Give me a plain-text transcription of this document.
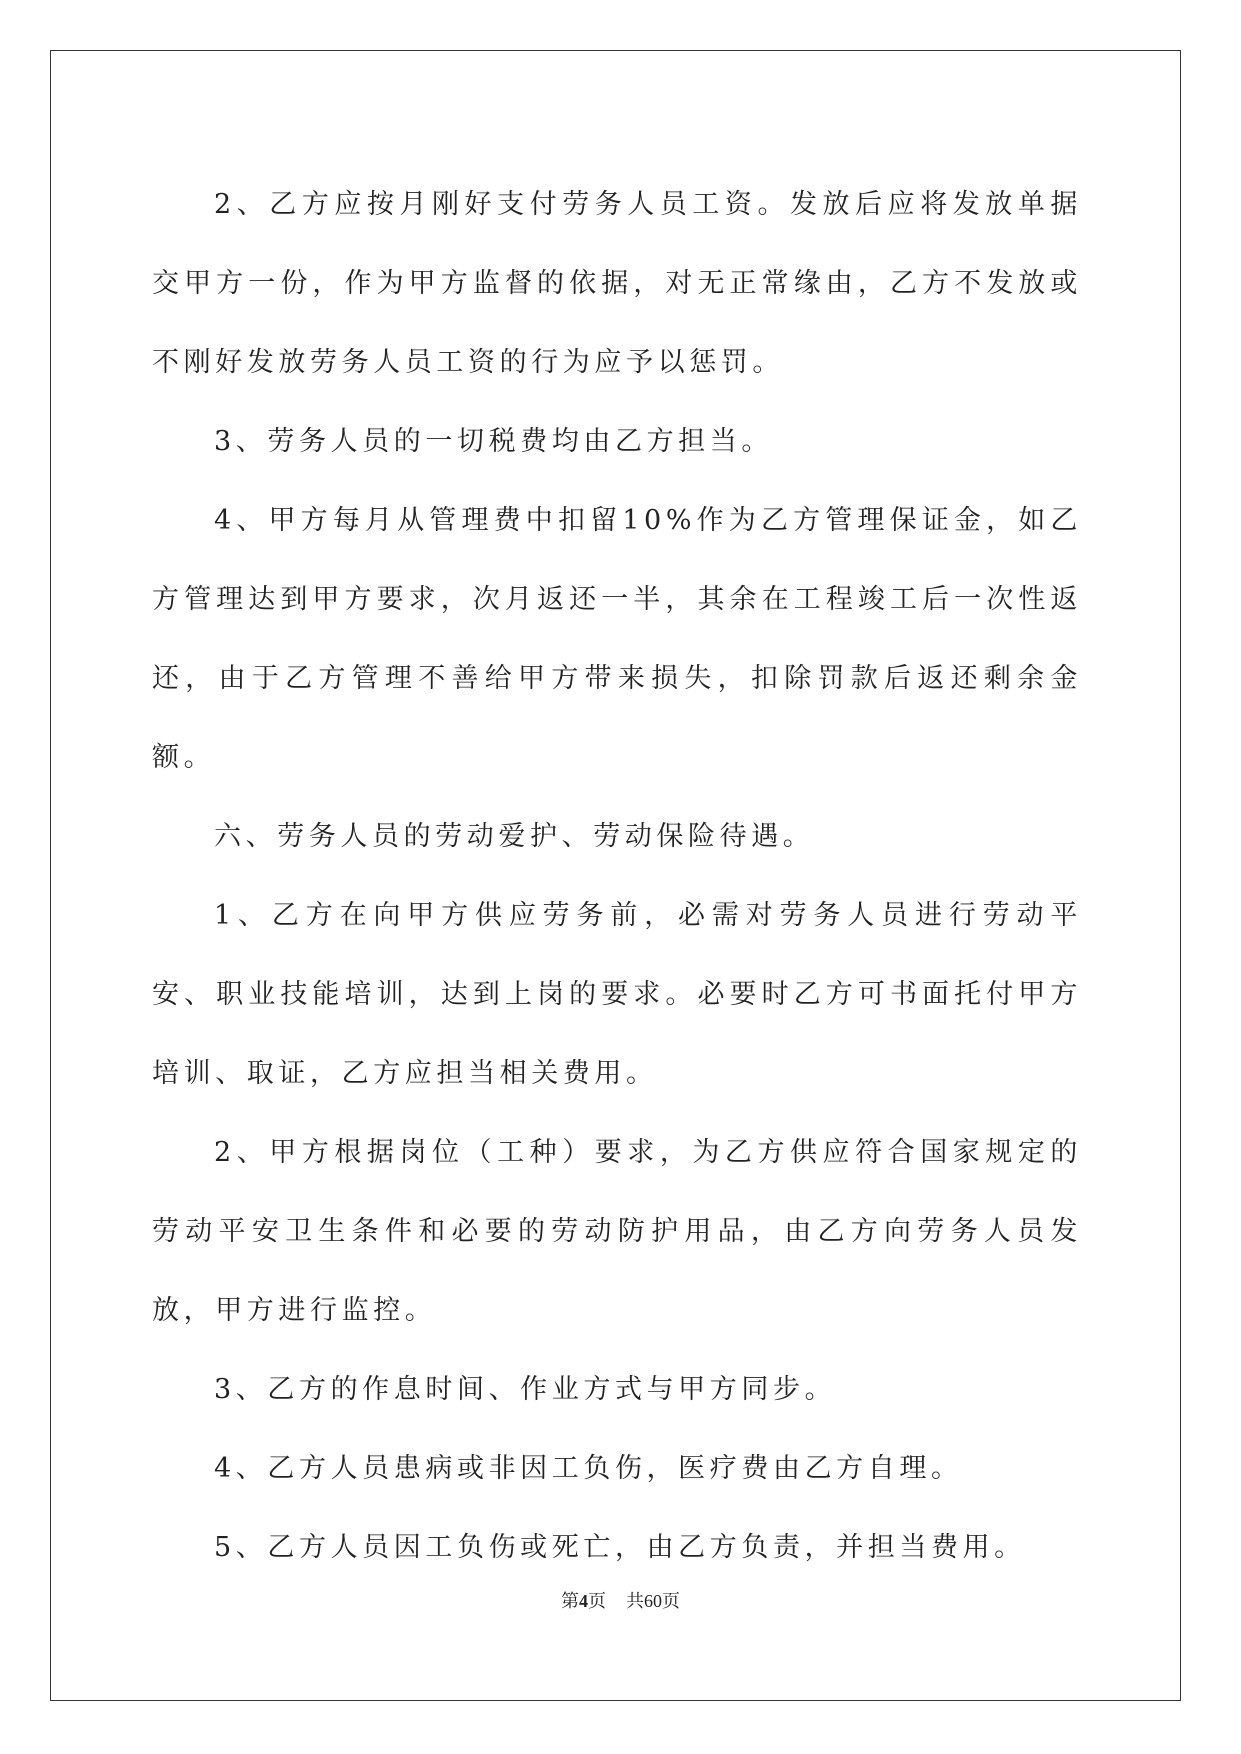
2、乙方应按月刚好支付劳务人员工资。发放后应将发放单据交甲方一份，作为甲方监督的依据，对无正常缘由，乙方不发放或不刚好发放劳务人员工资的行为应予以惩罚。

3、劳务人员的一切税费均由乙方担当。

4、甲方每月从管理费中扣留10%作为乙方管理保证金，如乙方管理达到甲方要求，次月返还一半，其余在工程竣工后一次性返还，由于乙方管理不善给甲方带来损失，扣除罚款后返还剩余金额。

六、劳务人员的劳动爱护、劳动保险待遇。

1、乙方在向甲方供应劳务前，必需对劳务人员进行劳动平安、职业技能培训，达到上岗的要求。必要时乙方可书面托付甲方培训、取证，乙方应担当相关费用。

2、甲方根据岗位（工种）要求，为乙方供应符合国家规定的劳动平安卫生条件和必要的劳动防护用品，由乙方向劳务人员发放，甲方进行监控。

3、乙方的作息时间、作业方式与甲方同步。

4、乙方人员患病或非因工负伤，医疗费由乙方自理。

5、乙方人员因工负伤或死亡，由乙方负责，并担当费用。

第4页 共60页
